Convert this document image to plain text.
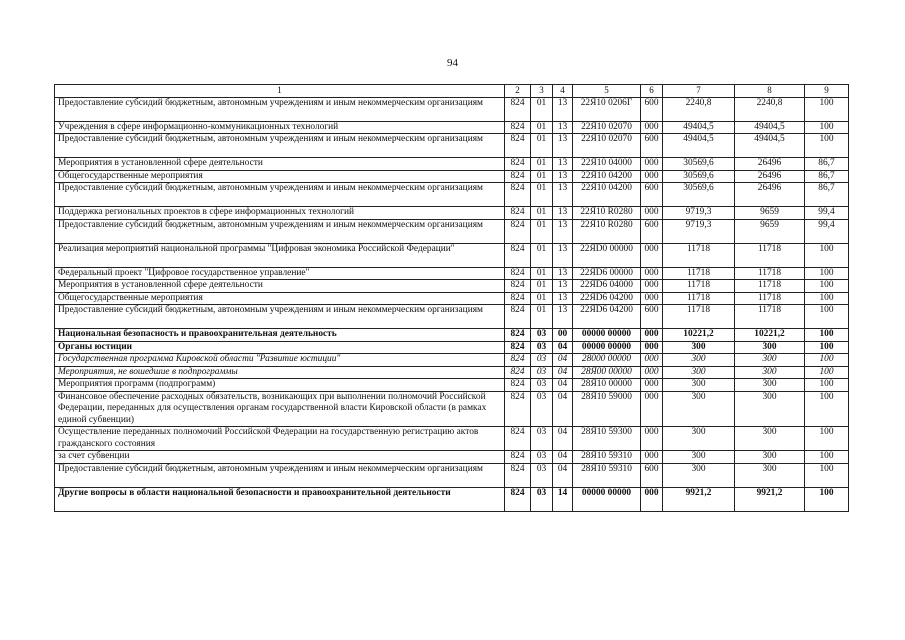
94
1	2	3	4	5	6	7	8	9
Предоставление субсидий бюджетным, автономным учреждениям и иным некоммерческим организациям	824	01	13	22Я10 0206Г	600	2240,8	2240,8	100
Учреждения в сфере информационно-коммуникационных технологий	824	01	13	22Я10 02070	000	49404,5	49404,5	100
Предоставление субсидий бюджетным, автономным учреждениям и иным некоммерческим организациям	824	01	13	22Я10 02070	600	49404,5	49404,5	100
Мероприятия в установленной сфере деятельности	824	01	13	22Я10 04000	000	30569,6	26496	86,7
Общегосударственные мероприятия	824	01	13	22Я10 04200	000	30569,6	26496	86,7
Предоставление субсидий бюджетным, автономным учреждениям и иным некоммерческим организациям	824	01	13	22Я10 04200	600	30569,6	26496	86,7
Поддержка региональных проектов в сфере информационных технологий	824	01	13	22Я10 R0280	000	9719,3	9659	99,4
Предоставление субсидий бюджетным, автономным учреждениям и иным некоммерческим организациям	824	01	13	22Я10 R0280	600	9719,3	9659	99,4
Реализация мероприятий национальной программы "Цифровая экономика Российской Федерации"	824	01	13	22ЯD0 00000	000	11718	11718	100
Федеральный проект "Цифровое государственное управление"	824	01	13	22ЯD6 00000	000	11718	11718	100
Мероприятия в установленной сфере деятельности	824	01	13	22ЯD6 04000	000	11718	11718	100
Общегосударственные мероприятия	824	01	13	22ЯD6 04200	000	11718	11718	100
Предоставление субсидий бюджетным, автономным учреждениям и иным некоммерческим организациям	824	01	13	22ЯD6 04200	600	11718	11718	100
Национальная безопасность и правоохранительная деятельность	824	03	00	00000 00000	000	10221,2	10221,2	100
Органы юстиции	824	03	04	00000 00000	000	300	300	100
Государственная программа Кировской области "Развитие юстиции"	824	03	04	28000 00000	000	300	300	100
Мероприятия, не вошедшие в подпрограммы	824	03	04	28Я00 00000	000	300	300	100
Мероприятия программ (подпрограмм)	824	03	04	28Я10 00000	000	300	300	100
Финансовое обеспечение расходных обязательств, возникающих при выполнении полномочий Российской Федерации, переданных для осуществления органам государственной власти Кировской области (в рамках единой субвенции)	824	03	04	28Я10 59000	000	300	300	100
Осуществление переданных полномочий Российской Федерации на государственную регистрацию актов гражданского состояния	824	03	04	28Я10 59300	000	300	300	100
за счет субвенции	824	03	04	28Я10 59310	000	300	300	100
Предоставление субсидий бюджетным, автономным учреждениям и иным некоммерческим организациям	824	03	04	28Я10 59310	600	300	300	100
Другие вопросы в области национальной безопасности и правоохранительной деятельности	824	03	14	00000 00000	000	9921,2	9921,2	100
